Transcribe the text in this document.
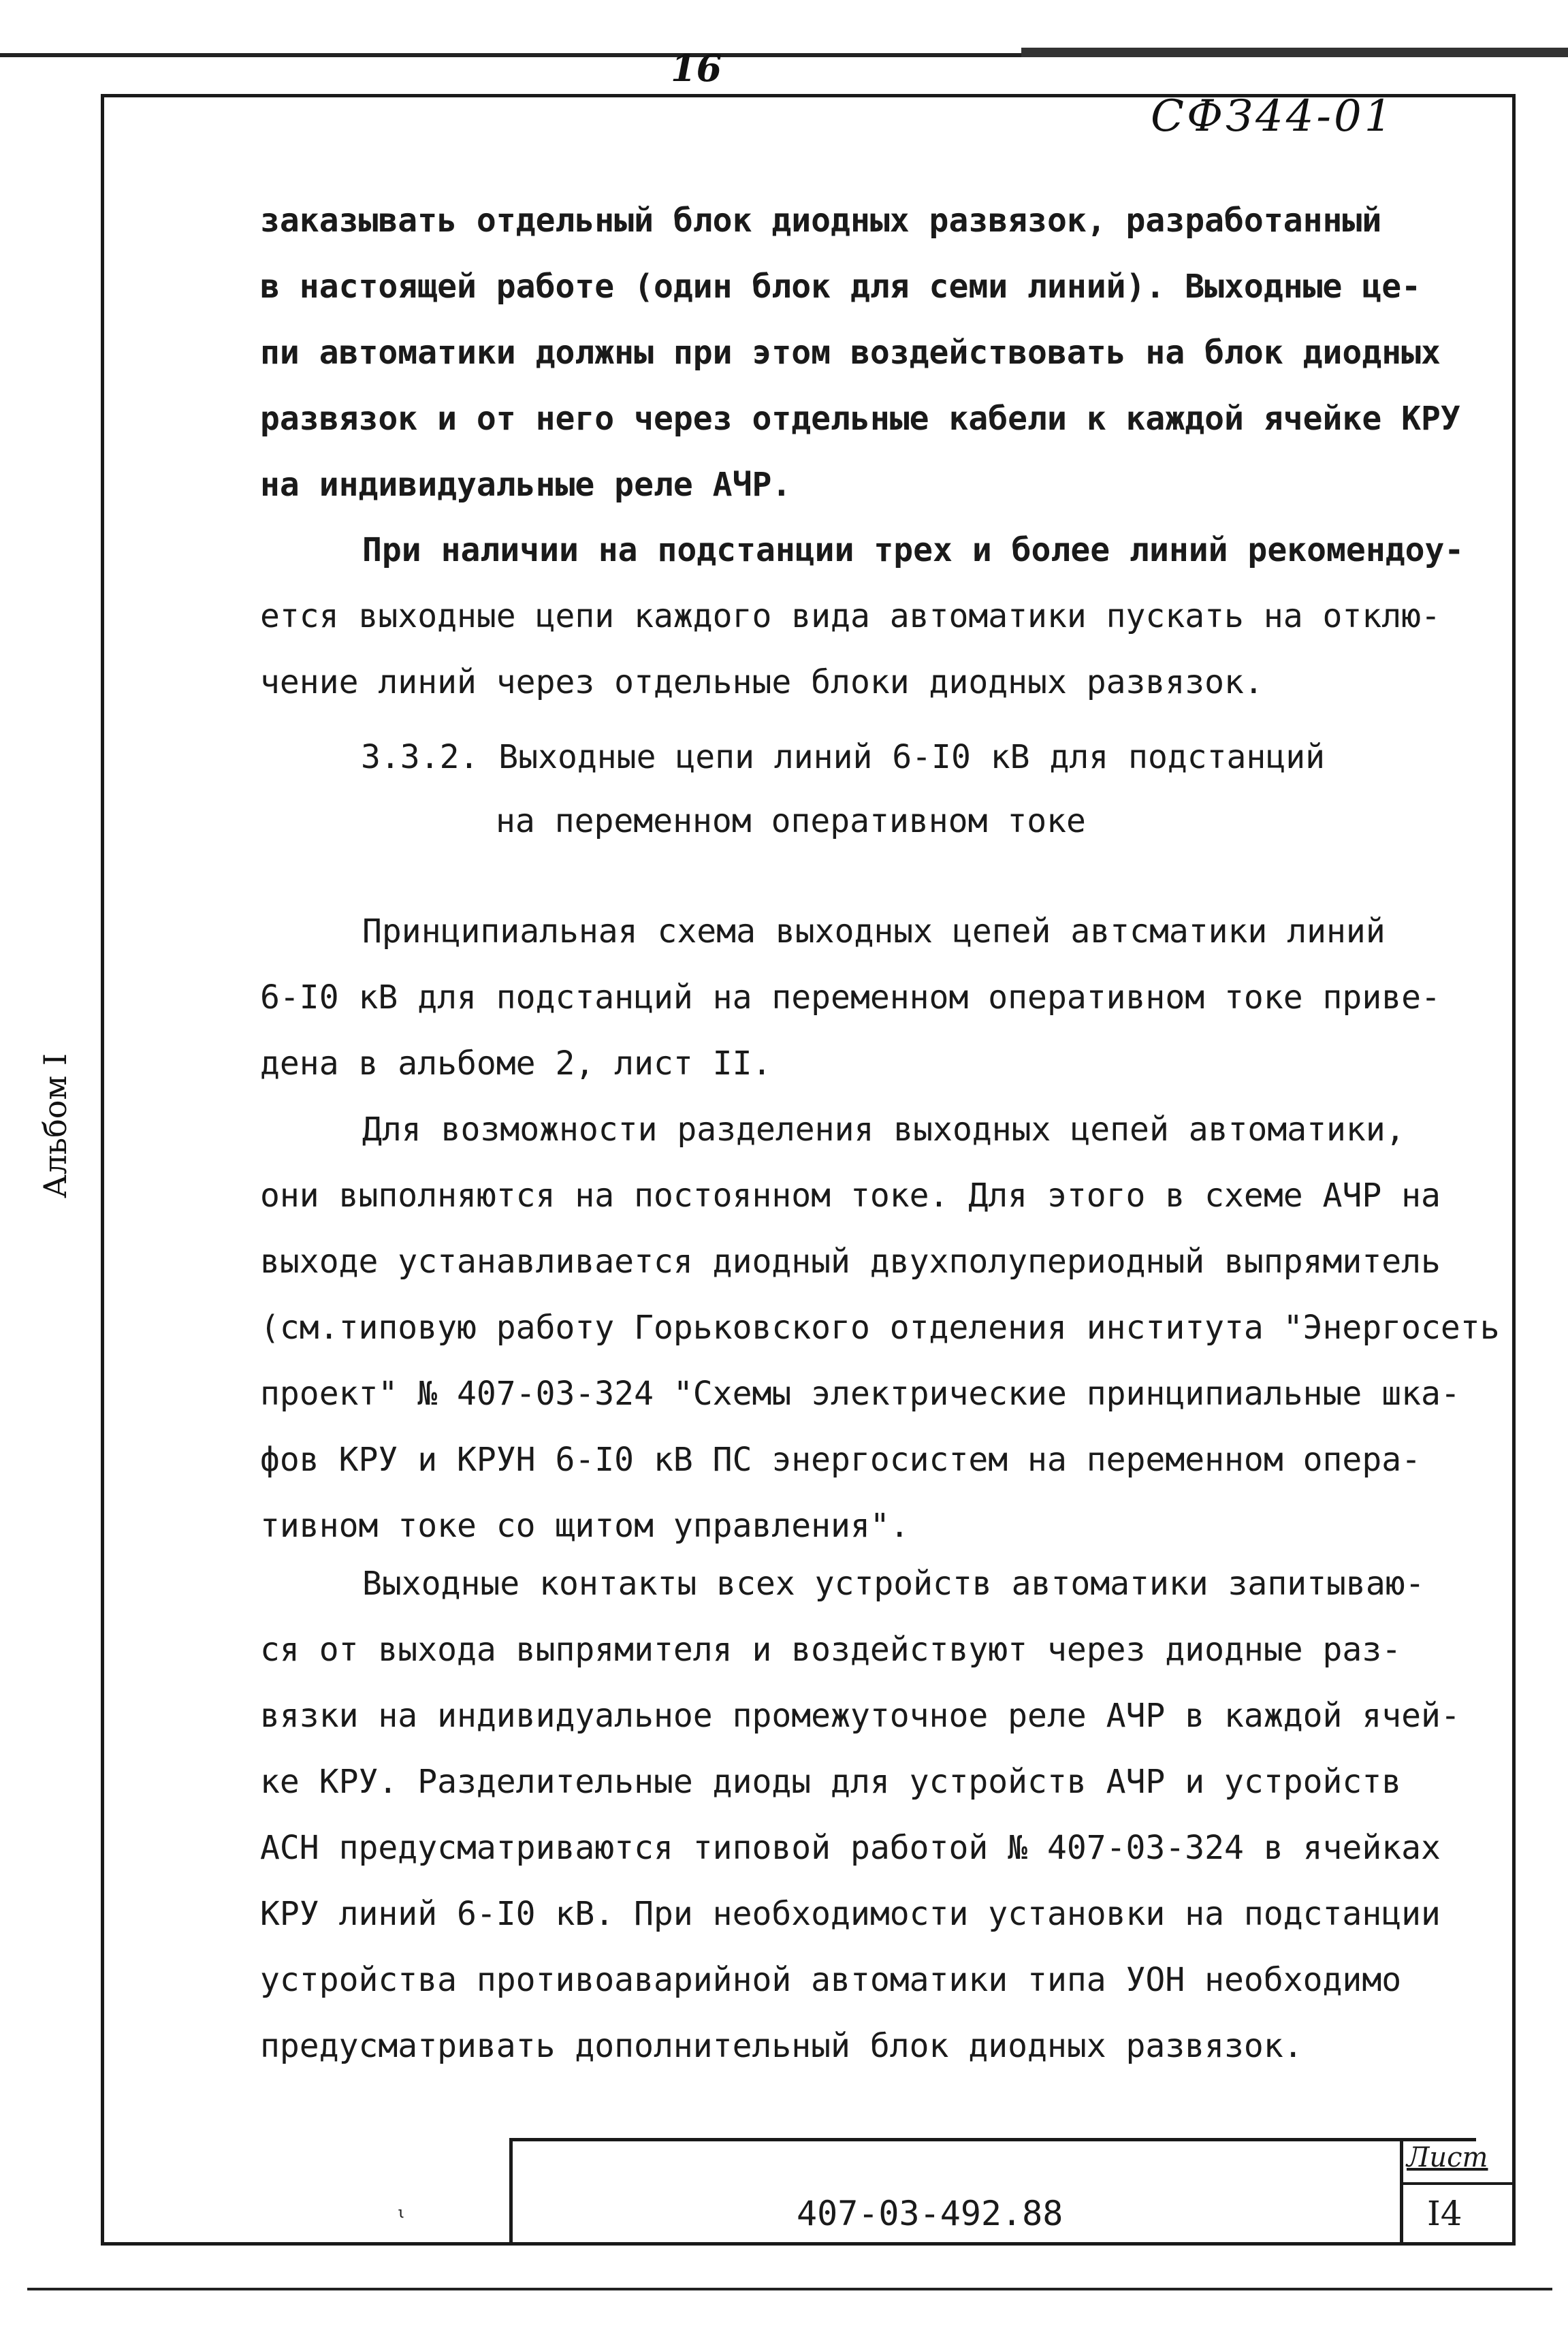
16
СФЗ44-01
Альбом I
заказывать отдельный блок диодных развязок, разработанный
в настоящей работе (один блок для семи линий). Выходные це-
пи автоматики должны при этом воздействовать на блок диодных
развязок и от него через отдельные кабели к каждой ячейке КРУ
на индивидуальные реле АЧР.
При наличии на подстанции трех и более линий рекомендоу-
ется выходные цепи каждого вида автоматики пускать на отклю-
чение линий через отдельные блоки диодных развязок.
3.3.2. Выходные цепи линий 6-I0 кВ для подстанций
на переменном оперативном токе
Принципиальная схема выходных цепей автсматики линий
6-I0 кВ для подстанций на переменном оперативном токе приве-
дена в альбоме 2, лист II.
Для возможности разделения выходных цепей автоматики,
они выполняются на постоянном токе. Для этого в схеме АЧР на
выходе устанавливается диодный двухполупериодный выпрямитель
(см.типовую работу Горьковского отделения института "Энергосеть
проект" № 407-03-324 "Схемы электрические принципиальные шка-
фов КРУ и КРУН 6-I0 кВ ПС энергосистем на переменном опера-
тивном токе со щитом управления".
Выходные контакты всех устройств автоматики запитываю-
ся от выхода выпрямителя и воздействуют через диодные раз-
вязки на индивидуальное промежуточное реле АЧР в каждой ячей-
ке КРУ. Разделительные диоды для устройств АЧР и устройств
АСН предусматриваются типовой работой № 407-03-324 в ячейках
КРУ линий 6-I0 кВ. При необходимости установки на подстанции
устройства противоаварийной автоматики типа УОН необходимо
предусматривать дополнительный блок диодных развязок.
ι	407-03-492.88
Лист
I4
